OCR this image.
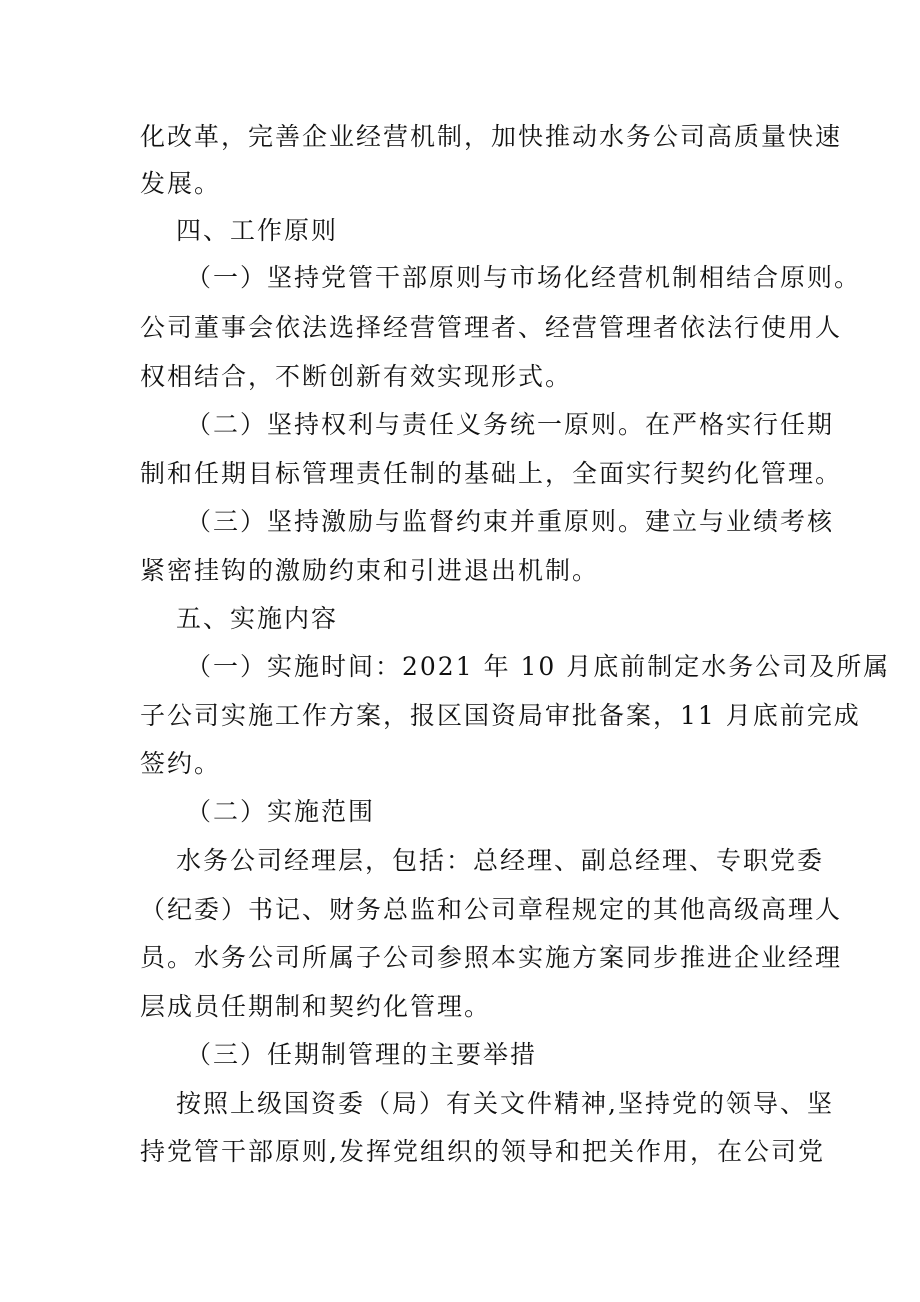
化改革，完善企业经营机制，加快推动水务公司高质量快速
发展。
四、工作原则
（一）坚持党管干部原则与市场化经营机制相结合原则。
公司董事会依法选择经营管理者、经营管理者依法行使用人
权相结合，不断创新有效实现形式。
（二）坚持权利与责任义务统一原则。在严格实行任期
制和任期目标管理责任制的基础上，全面实行契约化管理。
（三）坚持激励与监督约束并重原则。建立与业绩考核
紧密挂钩的激励约束和引进退出机制。
五、实施内容
（一）实施时间：2021 年 10 月底前制定水务公司及所属
子公司实施工作方案，报区国资局审批备案，11 月底前完成
签约。
（二）实施范围
水务公司经理层，包括：总经理、副总经理、专职党委
（纪委）书记、财务总监和公司章程规定的其他高级高理人
员。水务公司所属子公司参照本实施方案同步推进企业经理
层成员任期制和契约化管理。
（三）任期制管理的主要举措
按照上级国资委（局）有关文件精神,坚持党的领导、坚
持党管干部原则,发挥党组织的领导和把关作用，在公司党
